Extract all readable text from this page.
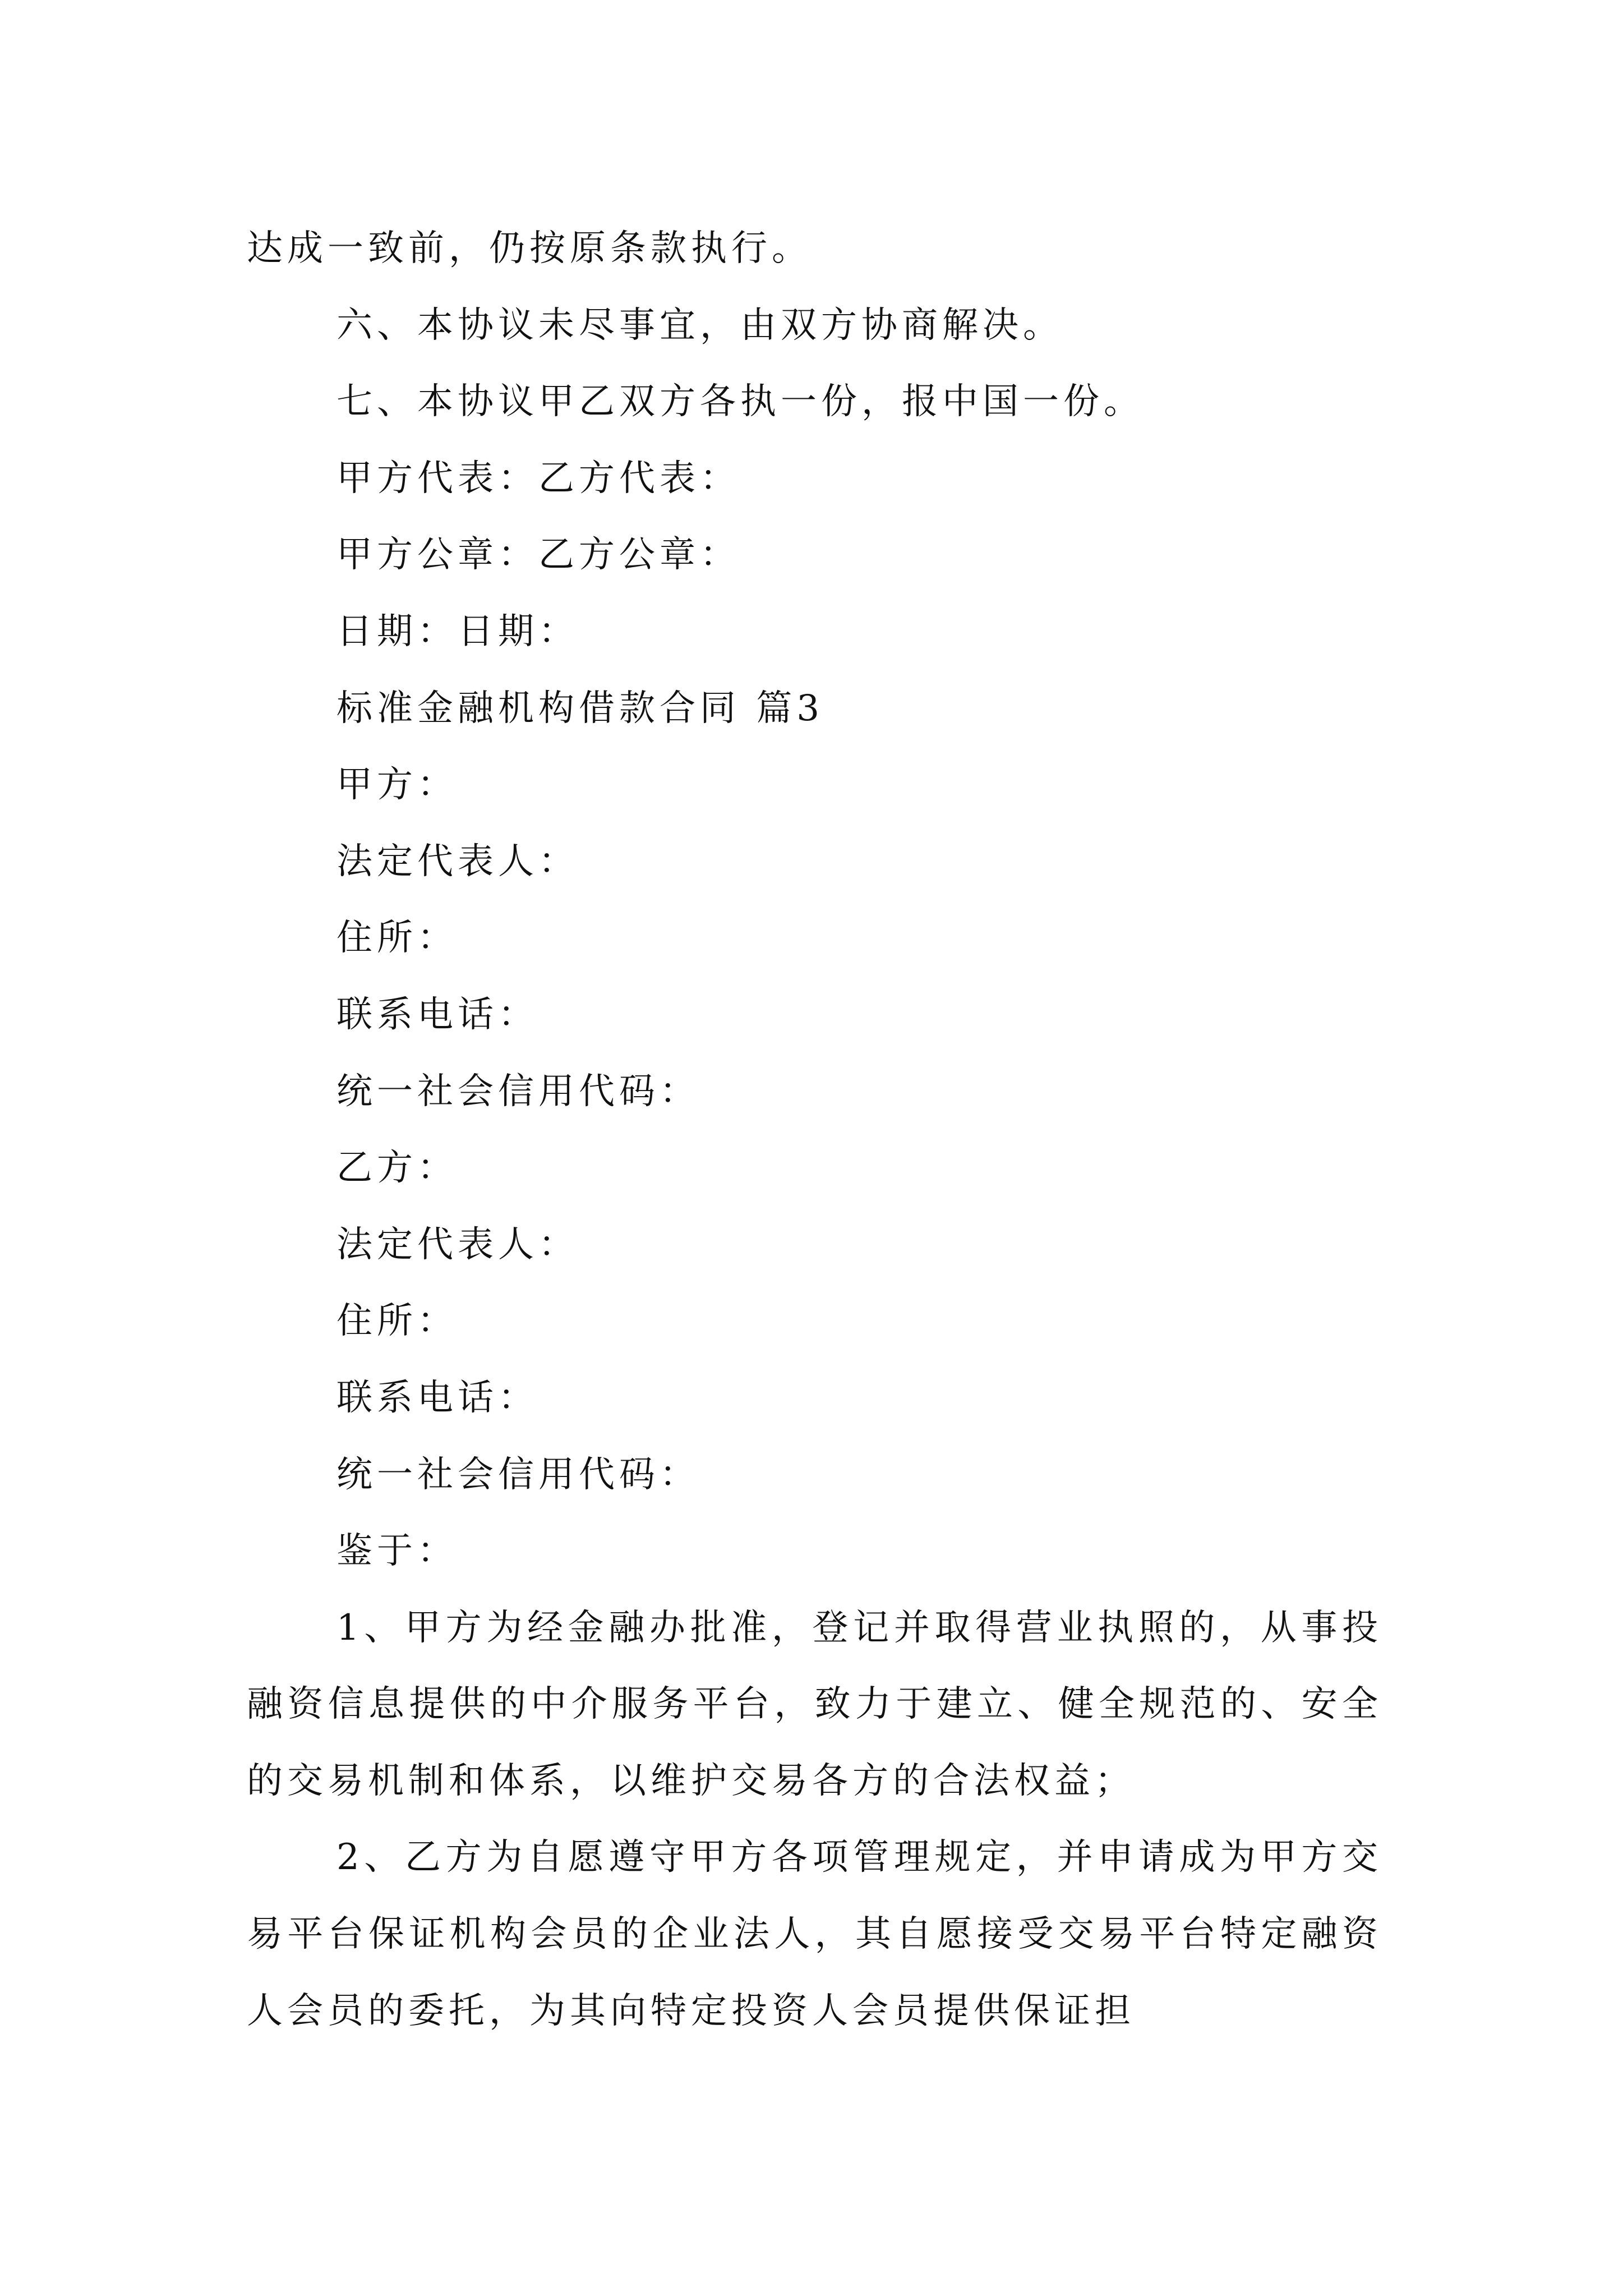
达成一致前，仍按原条款执行。

六、本协议未尽事宜，由双方协商解决。

七、本协议甲乙双方各执一份，报中国一份。

甲方代表：乙方代表：

甲方公章：乙方公章：

日期：日期：

标准金融机构借款合同 篇3

甲方：

法定代表人：

住所：

联系电话：

统一社会信用代码：

乙方：

法定代表人：

住所：

联系电话：

统一社会信用代码：

鉴于：

1、甲方为经金融办批准，登记并取得营业执照的，从事投融资信息提供的中介服务平台，致力于建立、健全规范的、安全的交易机制和体系，以维护交易各方的合法权益；

2、乙方为自愿遵守甲方各项管理规定，并申请成为甲方交易平台保证机构会员的企业法人，其自愿接受交易平台特定融资人会员的委托，为其向特定投资人会员提供保证担
